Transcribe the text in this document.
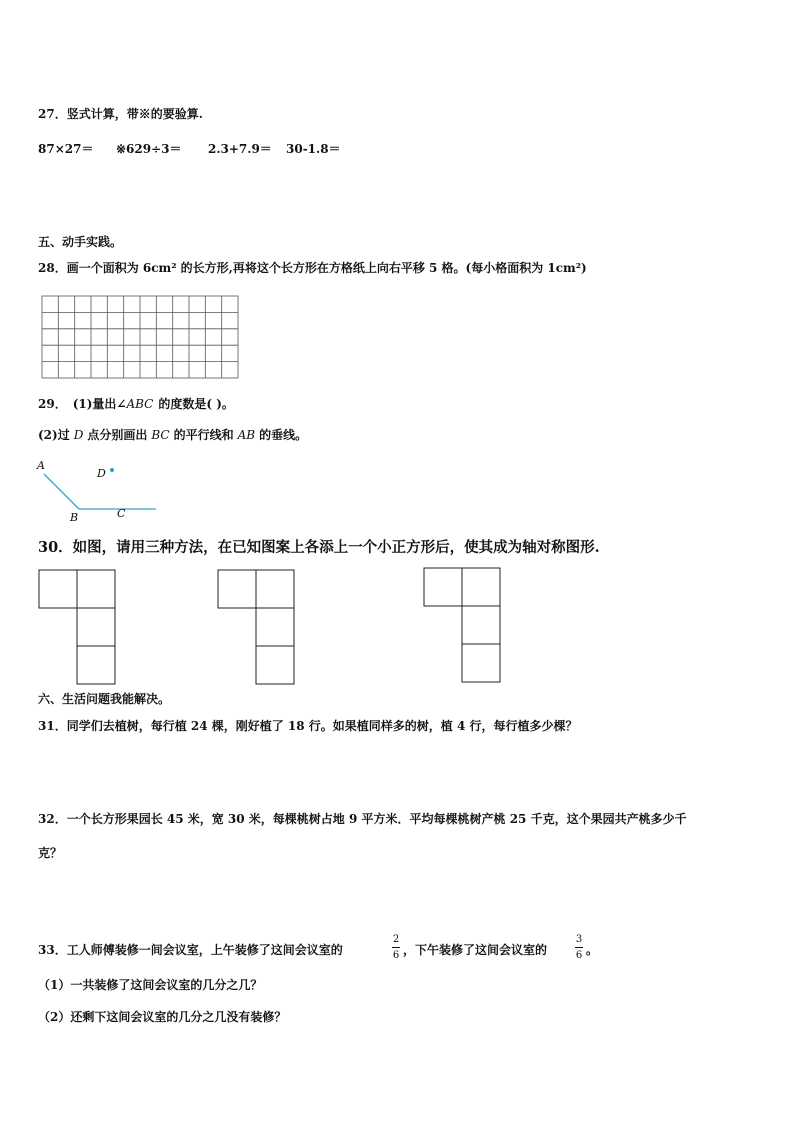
27．竖式计算，带※的要验算.
87×27＝ ※629÷3＝ 2.3+7.9＝ 30-1.8＝
五、动手实践。
28．画一个面积为 6cm² 的长方形,再将这个长方形在方格纸上向右平移 5 格。(每小格面积为 1cm²)
29． (1)量出∠ABC 的度数是( )。
(2)过 D 点分别画出 BC 的平行线和 AB 的垂线。
A
D
B	C
30．如图，请用三种方法，在已知图案上各添上一个小正方形后，使其成为轴对称图形.
六、生活问题我能解决。
31．同学们去植树，每行植 24 棵，刚好植了 18 行。如果植同样多的树，植 4 行，每行植多少棵？
32．一个长方形果园长 45 米，宽 30 米，每棵桃树占地 9 平方米．平均每棵桃树产桃 25 千克，这个果园共产桃多少千
克？
33．工人师傅装修一间会议室，上午装修了这间会议室的
2
6 ，下午装修了这间会议室的
3
6 。
（1）一共装修了这间会议室的几分之几？
（2）还剩下这间会议室的几分之几没有装修？
